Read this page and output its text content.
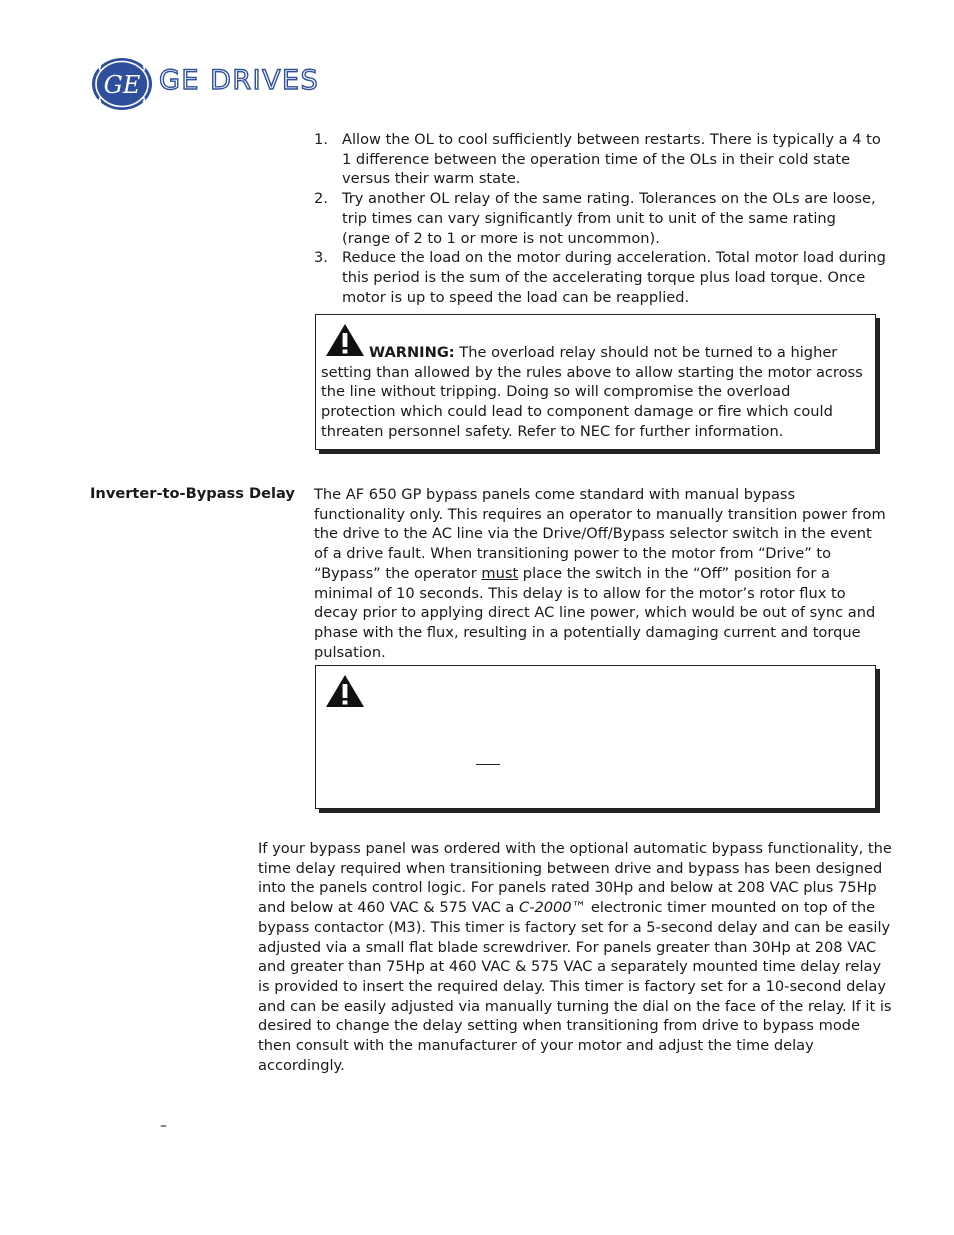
GE GE DRIVES
1. Allow the OL to cool sufficiently between restarts. There is typically a 4 to 1 difference between the operation time of the OLs in their cold state versus their warm state.
2. Try another OL relay of the same rating. Tolerances on the OLs are loose, trip times can vary significantly from unit to unit of the same rating (range of 2 to 1 or more is not uncommon).
3. Reduce the load on the motor during acceleration. Total motor load during this period is the sum of the accelerating torque plus load torque. Once motor is up to speed the load can be reapplied.
WARNING: The overload relay should not be turned to a higher setting than allowed by the rules above to allow starting the motor across the line without tripping. Doing so will compromise the overload protection which could lead to component damage or fire which could threaten personnel safety. Refer to NEC for further information.
Inverter-to-Bypass Delay The AF 650 GP bypass panels come standard with manual bypass functionality only. This requires an operator to manually transition power from the drive to the AC line via the Drive/Off/Bypass selector switch in the event of a drive fault. When transitioning power to the motor from “Drive” to “Bypass” the operator must place the switch in the “Off” position for a minimal of 10 seconds. This delay is to allow for the motor’s rotor flux to decay prior to applying direct AC line power, which would be out of sync and phase with the flux, resulting in a potentially damaging current and torque pulsation.
If your bypass panel was ordered with the optional automatic bypass functionality, the time delay required when transitioning between drive and bypass has been designed into the panels control logic. For panels rated 30Hp and below at 208 VAC plus 75Hp and below at 460 VAC & 575 VAC a C-2000™ electronic timer mounted on top of the bypass contactor (M3). This timer is factory set for a 5-second delay and can be easily adjusted via a small flat blade screwdriver. For panels greater than 30Hp at 208 VAC and greater than 75Hp at 460 VAC & 575 VAC a separately mounted time delay relay is provided to insert the required delay. This timer is factory set for a 10-second delay and can be easily adjusted via manually turning the dial on the face of the relay. If it is desired to change the delay setting when transitioning from drive to bypass mode then consult with the manufacturer of your motor and adjust the time delay accordingly.
–
